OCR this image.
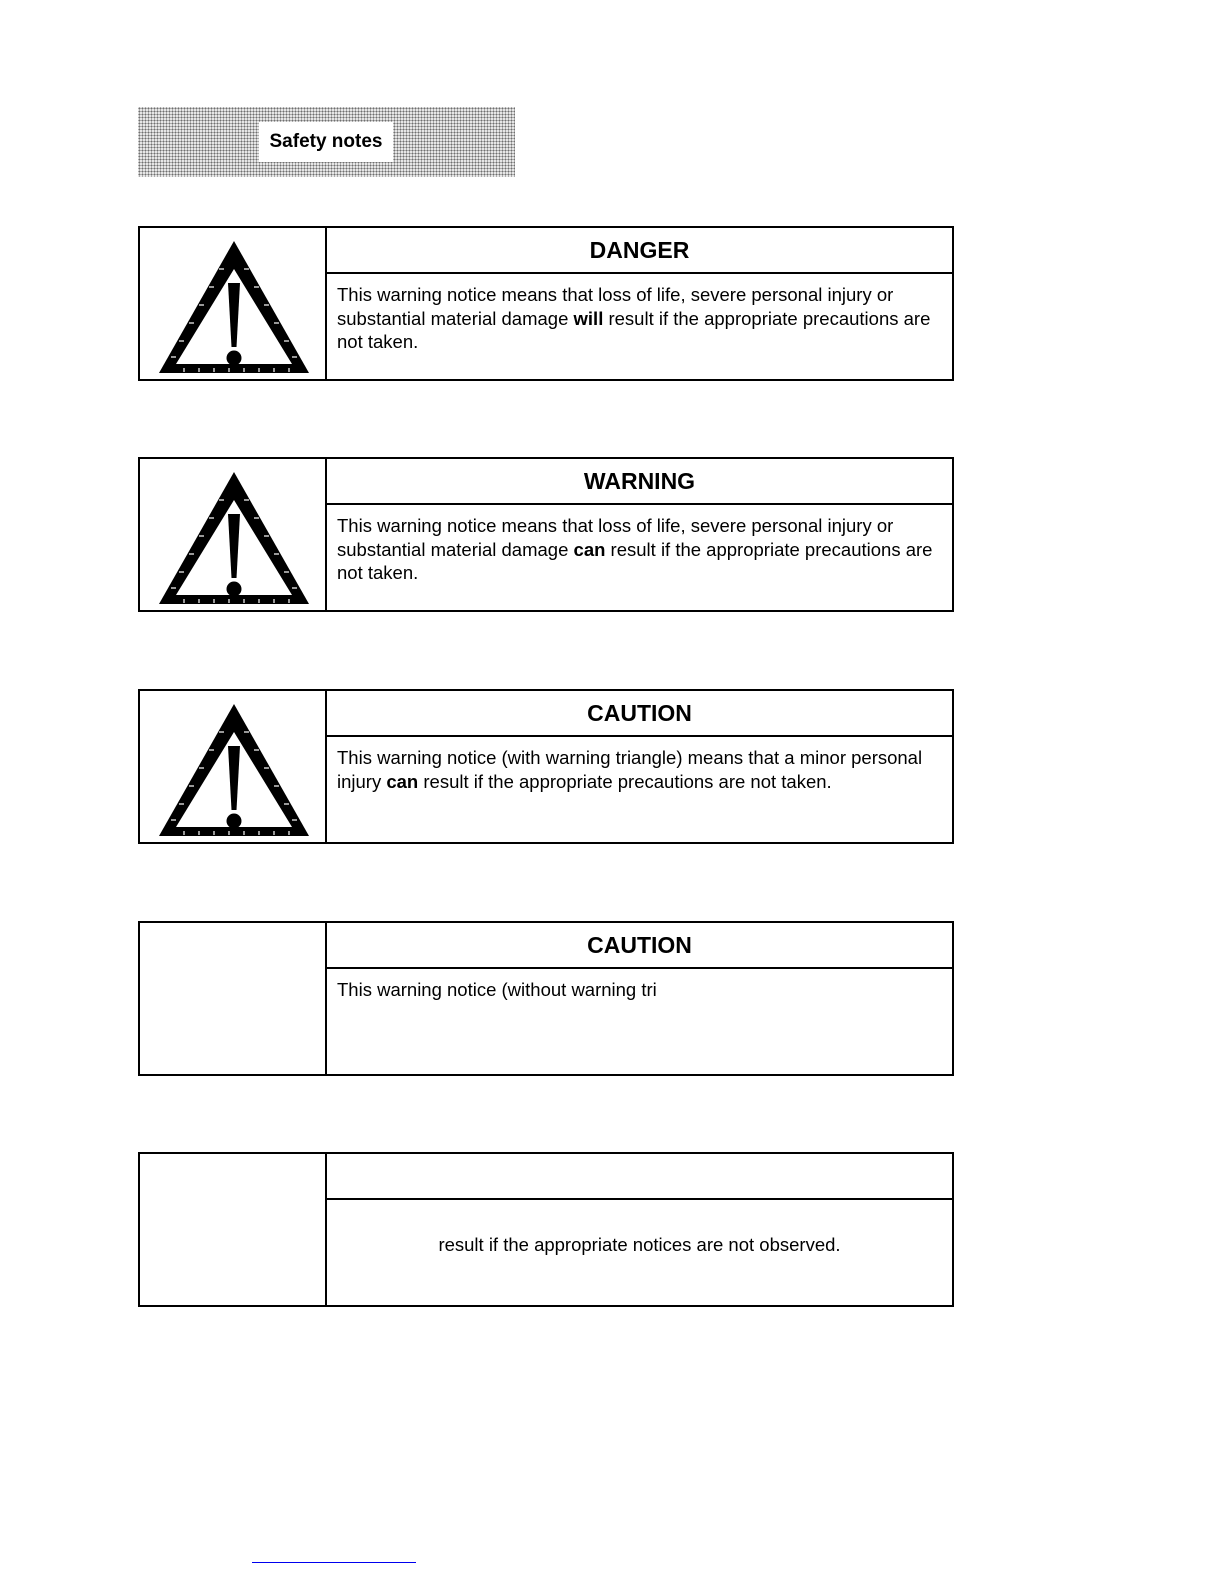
Safety notes
DANGER
This warning notice means that loss of life, severe personal injury or substantial material damage will result if the appropriate precautions are not taken.
WARNING
This warning notice means that loss of life, severe personal injury or substantial material damage can result if the appropriate precautions are not taken.
CAUTION
This warning notice (with warning triangle) means that a minor personal injury can result if the appropriate precautions are not taken.
CAUTION
This warning notice (without warning tri
result if the appropriate notices are not observed.
